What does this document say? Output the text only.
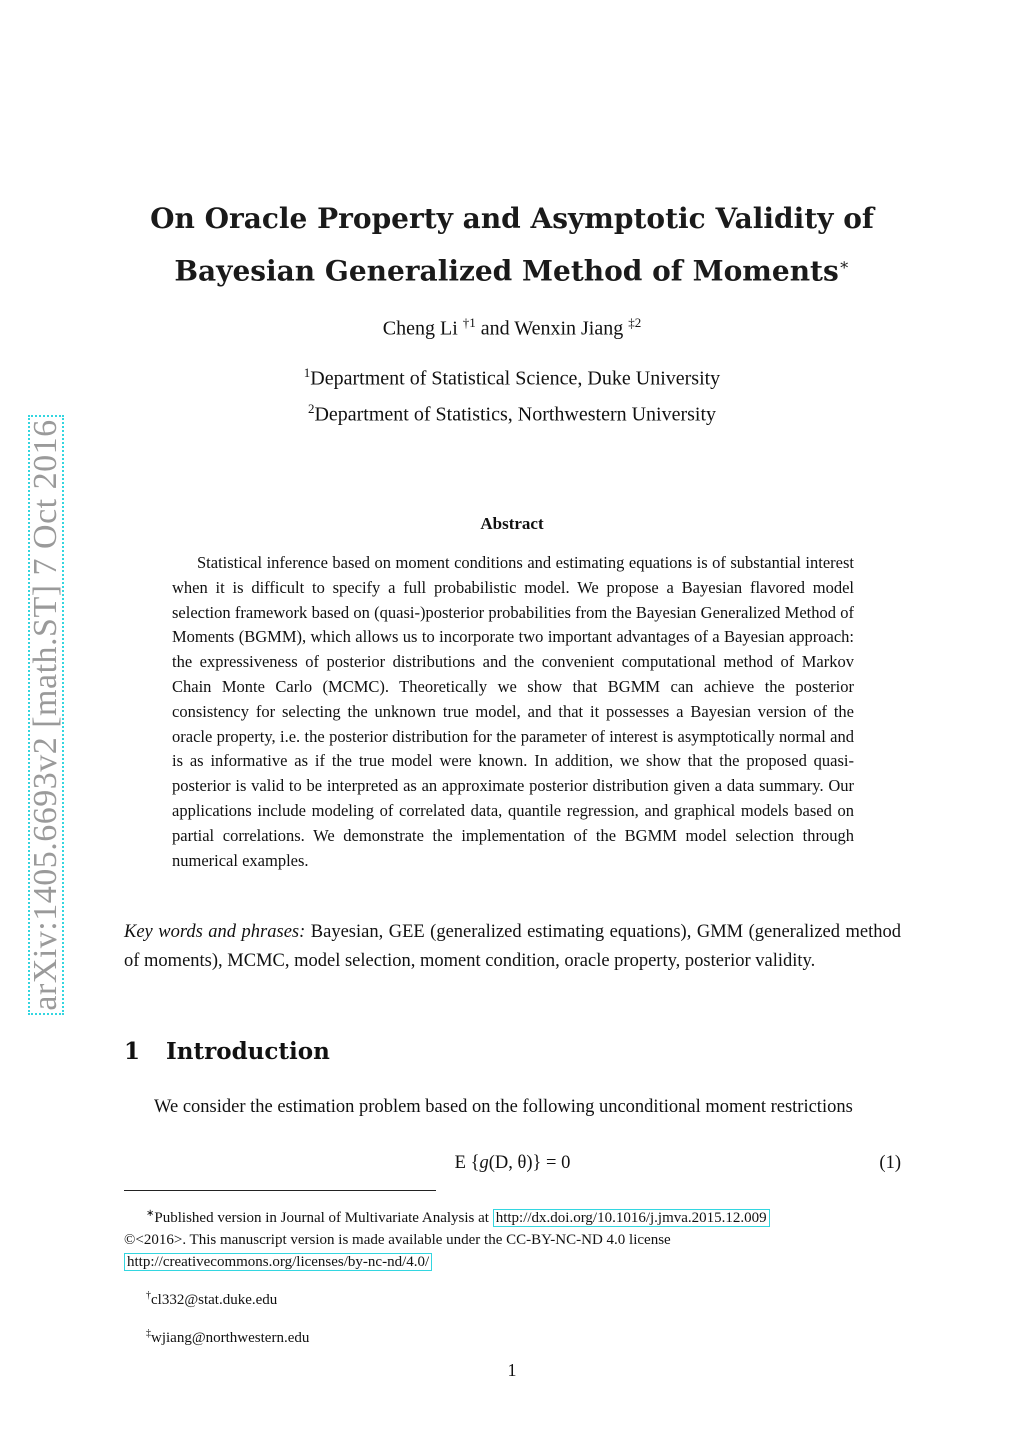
arXiv:1405.6693v2 [math.ST] 7 Oct 2016
On Oracle Property and Asymptotic Validity of
Bayesian Generalized Method of Moments∗
Cheng Li $^{\dagger 1}$ and Wenxin Jiang $^{\ddagger 2}$
$^1$Department of Statistical Science, Duke University
$^2$Department of Statistics, Northwestern University
Abstract
Statistical inference based on moment conditions and estimating equations is of substantial interest when it is difficult to specify a full probabilistic model. We propose a Bayesian flavored model selection framework based on (quasi-)posterior probabilities from the Bayesian Generalized Method of Moments (BGMM), which allows us to incorporate two important advantages of a Bayesian approach: the expressiveness of posterior distributions and the convenient computational method of Markov Chain Monte Carlo (MCMC). Theoretically we show that BGMM can achieve the posterior consistency for selecting the unknown true model, and that it possesses a Bayesian version of the oracle property, i.e. the posterior distribution for the parameter of interest is asymptotically normal and is as informative as if the true model were known. In addition, we show that the proposed quasi-posterior is valid to be interpreted as an approximate posterior distribution given a data summary. Our applications include modeling of correlated data, quantile regression, and graphical models based on partial correlations. We demonstrate the implementation of the BGMM model selection through numerical examples.
Key words and phrases: Bayesian, GEE (generalized estimating equations), GMM (generalized method of moments), MCMC, model selection, moment condition, oracle property, posterior validity.
1 Introduction
We consider the estimation problem based on the following unconditional moment restrictions
E {g(D, θ)} = 0	(1)
∗Published version in Journal of Multivariate Analysis at http://dx.doi.org/10.1016/j.jmva.2015.12.009
©<2016>. This manuscript version is made available under the CC-BY-NC-ND 4.0 license
http://creativecommons.org/licenses/by-nc-nd/4.0/
†cl332@stat.duke.edu
‡wjiang@northwestern.edu
1
